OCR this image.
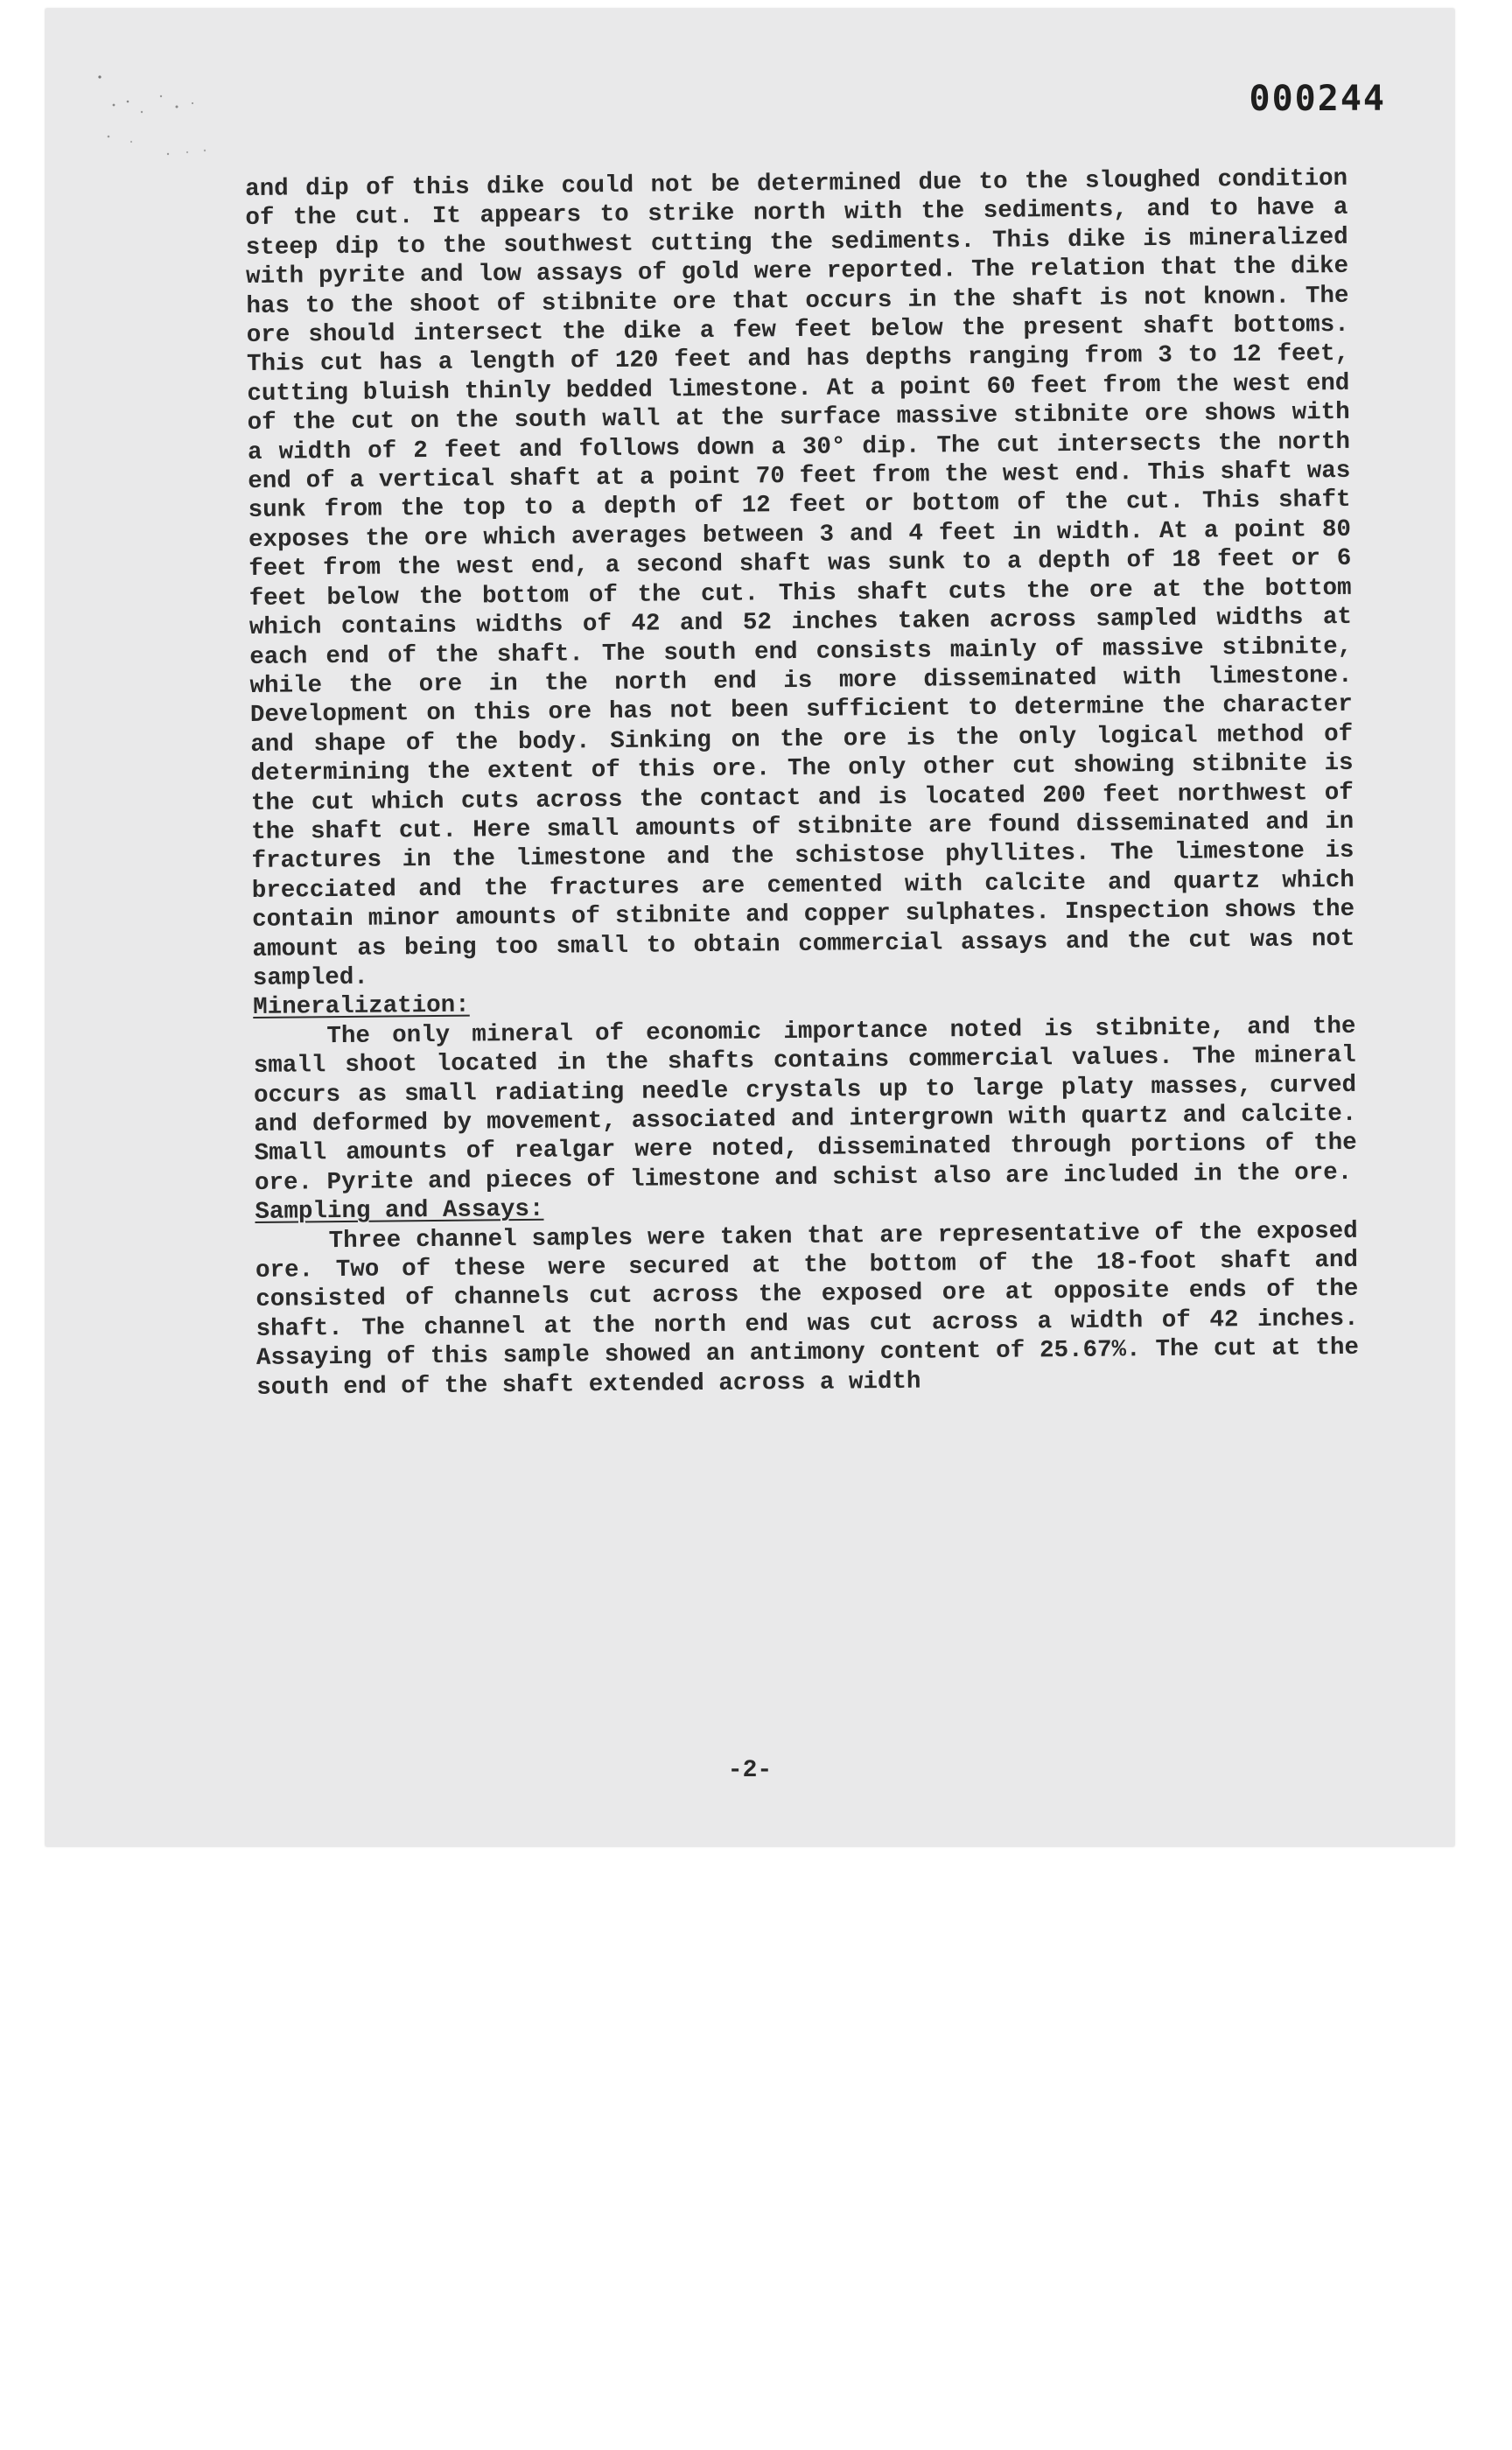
000244

and dip of this dike could not be determined due to the sloughed condition of the cut. It appears to strike north with the sediments, and to have a steep dip to the southwest cutting the sediments. This dike is mineralized with pyrite and low assays of gold were reported. The relation that the dike has to the shoot of stibnite ore that occurs in the shaft is not known. The ore should intersect the dike a few feet below the present shaft bottoms. This cut has a length of 120 feet and has depths ranging from 3 to 12 feet, cutting bluish thinly bedded limestone. At a point 60 feet from the west end of the cut on the south wall at the surface massive stibnite ore shows with a width of 2 feet and follows down a 30° dip. The cut intersects the north end of a vertical shaft at a point 70 feet from the west end. This shaft was sunk from the top to a depth of 12 feet or bottom of the cut. This shaft exposes the ore which averages between 3 and 4 feet in width. At a point 80 feet from the west end, a second shaft was sunk to a depth of 18 feet or 6 feet below the bottom of the cut. This shaft cuts the ore at the bottom which contains widths of 42 and 52 inches taken across sampled widths at each end of the shaft. The south end consists mainly of massive stibnite, while the ore in the north end is more disseminated with limestone. Development on this ore has not been sufficient to determine the character and shape of the body. Sinking on the ore is the only logical method of determining the extent of this ore. The only other cut showing stibnite is the cut which cuts across the contact and is located 200 feet northwest of the shaft cut. Here small amounts of stibnite are found disseminated and in fractures in the limestone and the schistose phyllites. The limestone is brecciated and the fractures are cemented with calcite and quartz which contain minor amounts of stibnite and copper sulphates. Inspection shows the amount as being too small to obtain commercial assays and the cut was not sampled.

Mineralization:

The only mineral of economic importance noted is stibnite, and the small shoot located in the shafts contains commercial values. The mineral occurs as small radiating needle crystals up to large platy masses, curved and deformed by movement, associated and intergrown with quartz and calcite. Small amounts of realgar were noted, disseminated through portions of the ore. Pyrite and pieces of limestone and schist also are included in the ore.

Sampling and Assays:

Three channel samples were taken that are representative of the exposed ore. Two of these were secured at the bottom of the 18-foot shaft and consisted of channels cut across the exposed ore at opposite ends of the shaft. The channel at the north end was cut across a width of 42 inches. Assaying of this sample showed an antimony content of 25.67%. The cut at the south end of the shaft extended across a width

-2-
